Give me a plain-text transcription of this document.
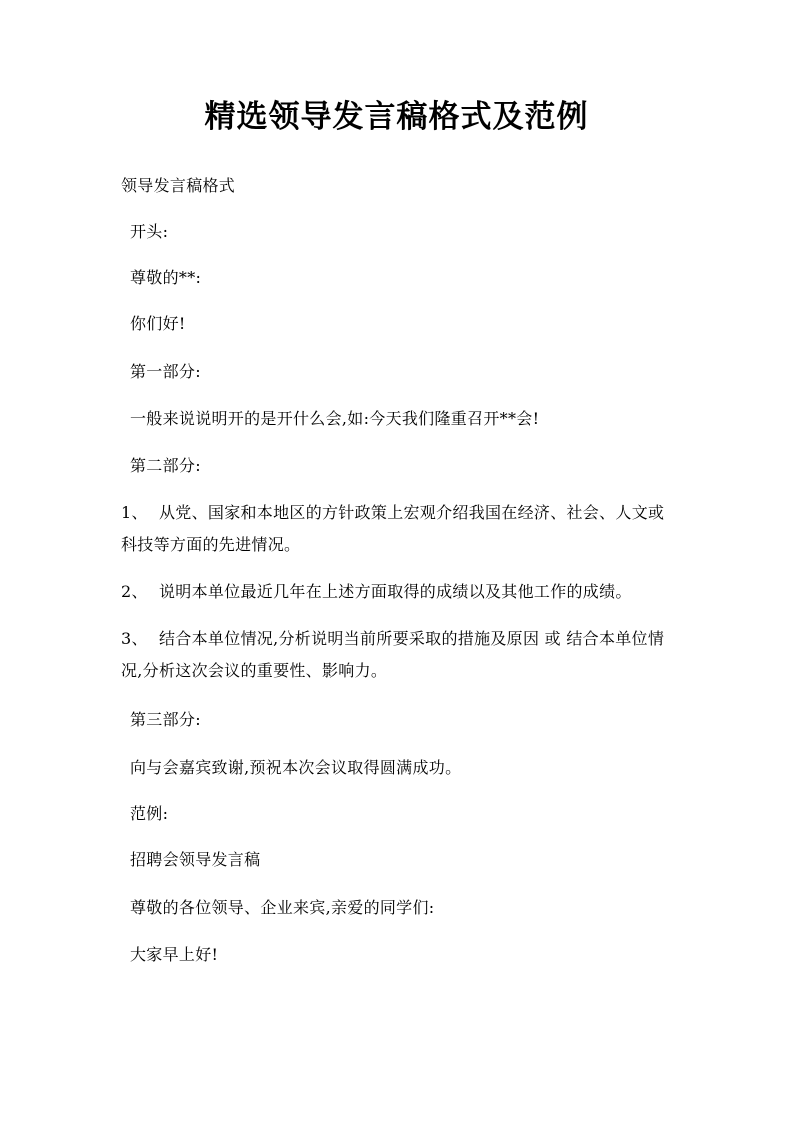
精选领导发言稿格式及范例
领导发言稿格式
开头:
尊敬的**:
你们好!
第一部分:
一般来说说明开的是开什么会,如:今天我们隆重召开**会!
第二部分:
1、 从党、国家和本地区的方针政策上宏观介绍我国在经济、社会、人文或科技等方面的先进情况。
2、 说明本单位最近几年在上述方面取得的成绩以及其他工作的成绩。
3、 结合本单位情况,分析说明当前所要采取的措施及原因 或 结合本单位情况,分析这次会议的重要性、影响力。
第三部分:
向与会嘉宾致谢,预祝本次会议取得圆满成功。
范例:
招聘会领导发言稿
尊敬的各位领导、企业来宾,亲爱的同学们:
大家早上好!
